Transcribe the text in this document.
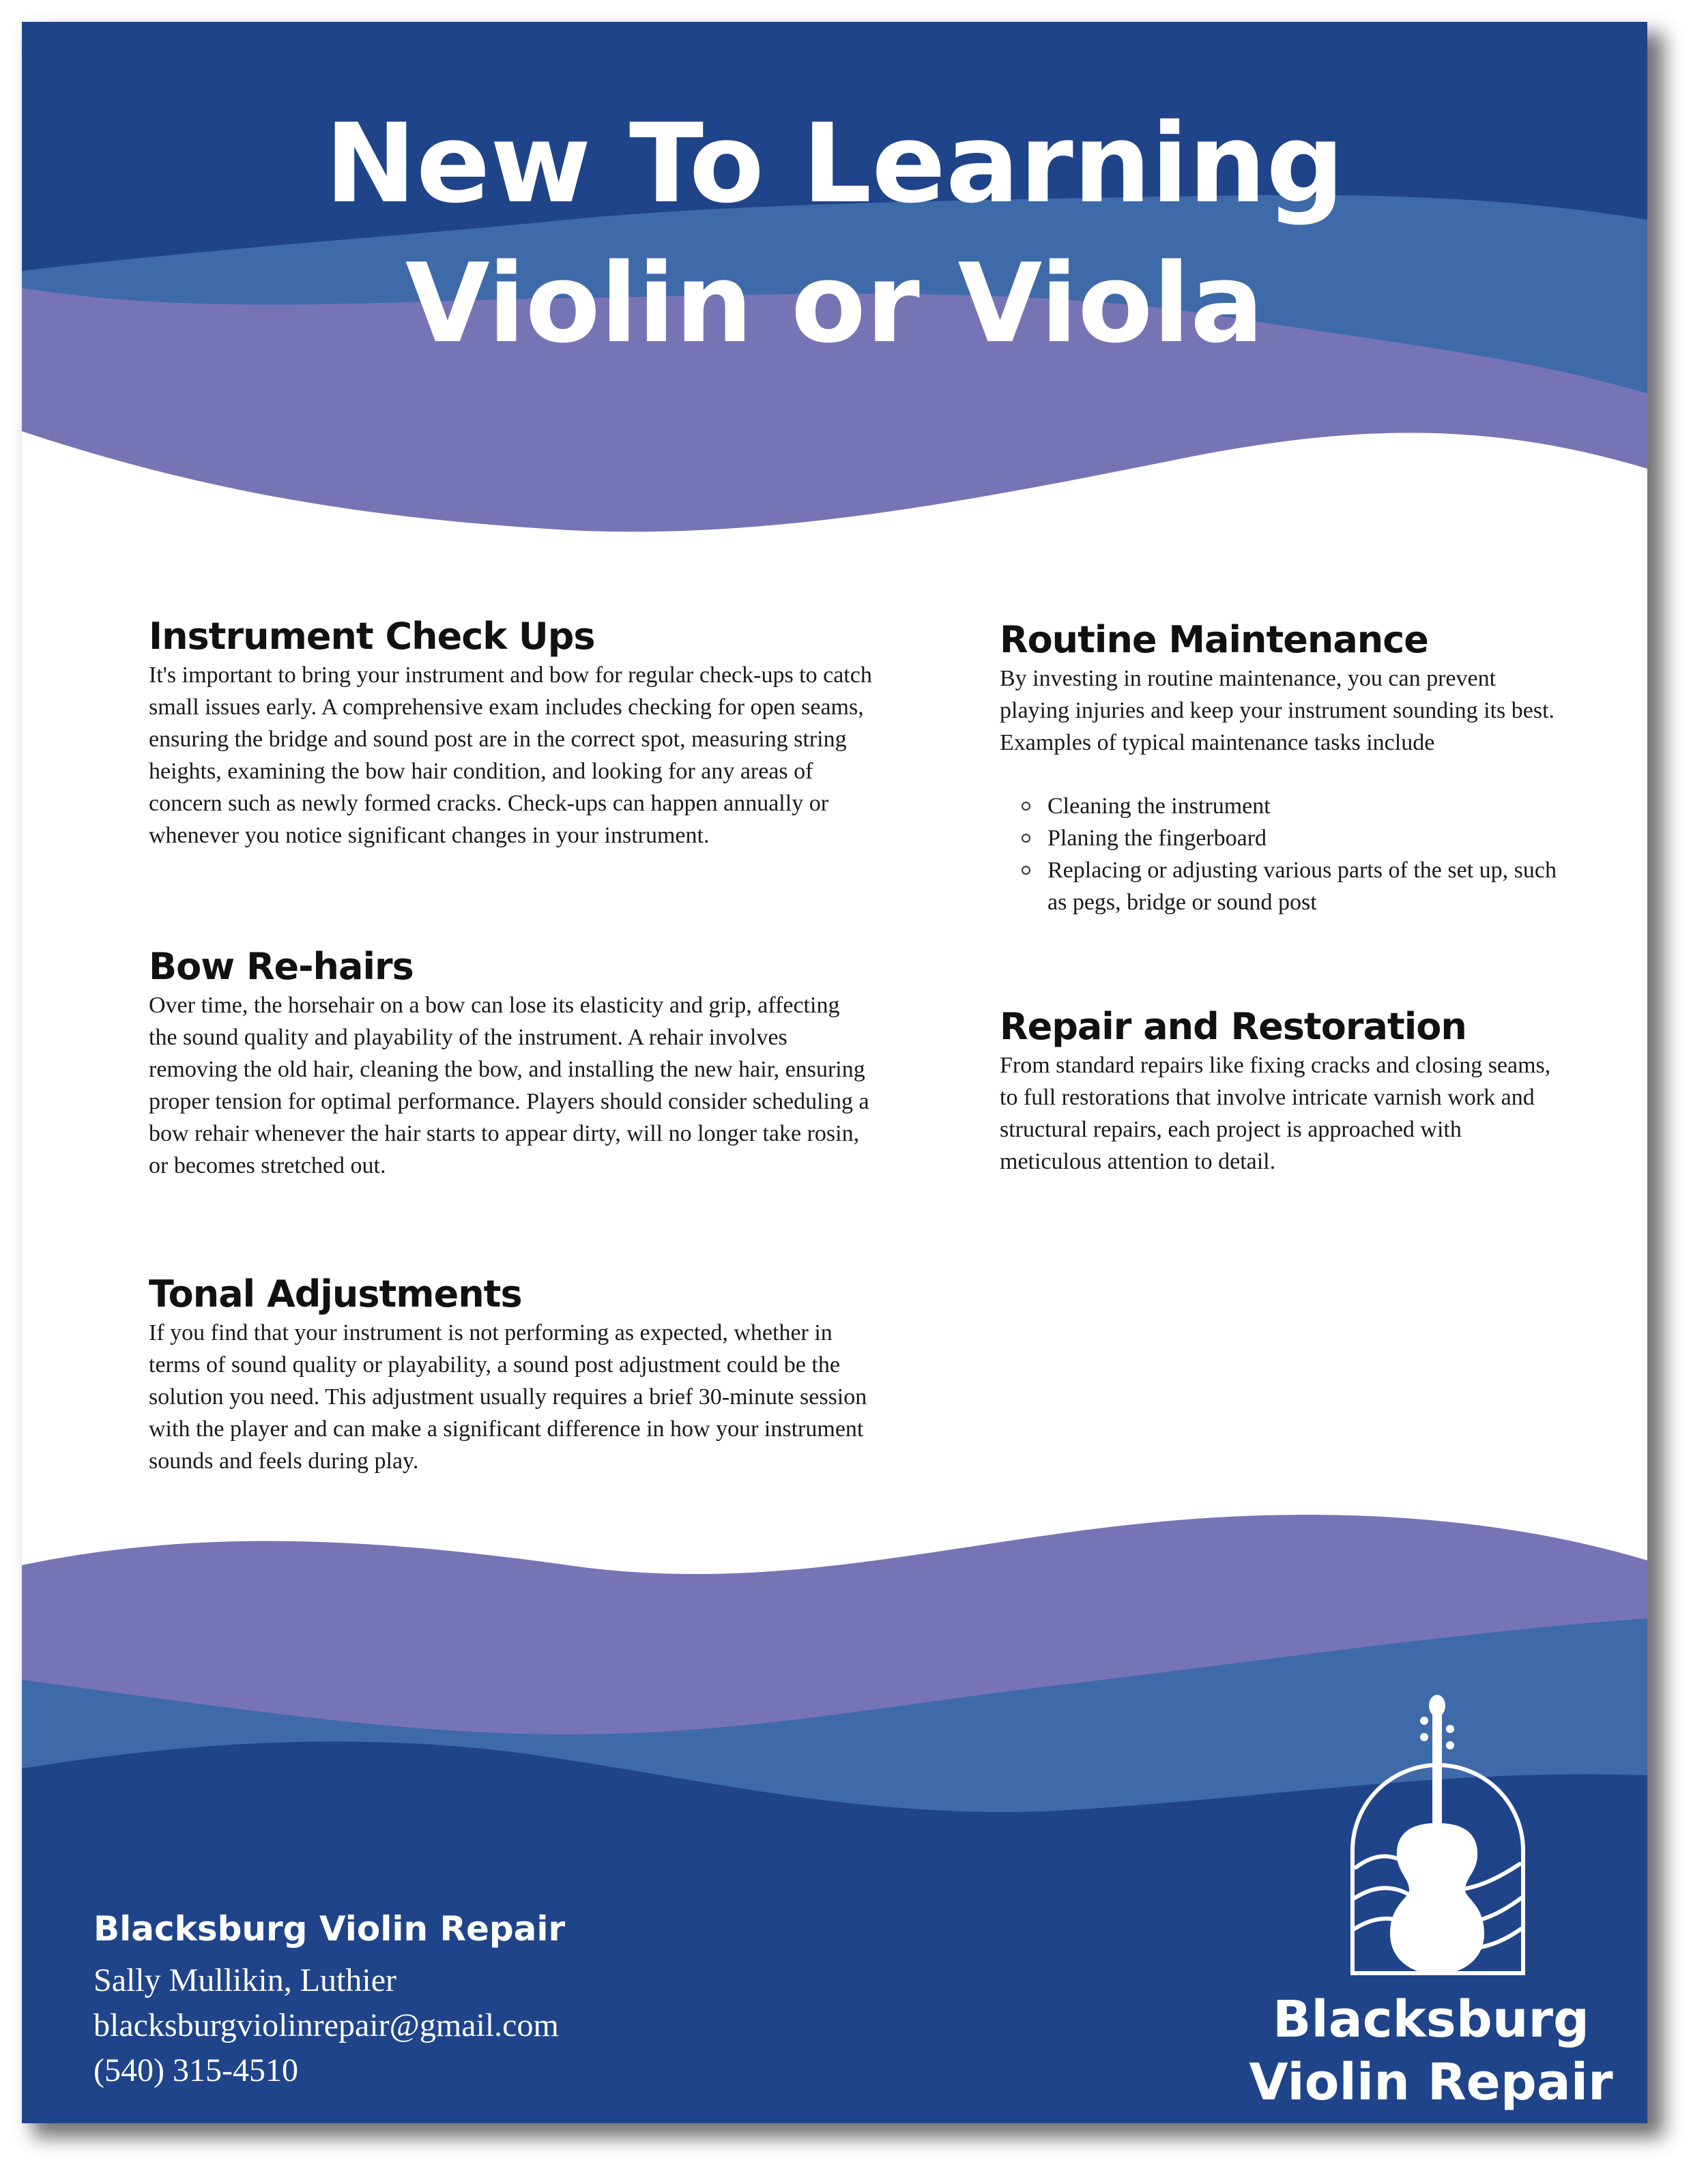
New To Learning
Violin or Viola
Instrument Check Ups

It's important to bring your instrument and bow for regular check-ups to catch small issues early. A comprehensive exam includes checking for open seams, ensuring the bridge and sound post are in the correct spot, measuring string heights, examining the bow hair condition, and looking for any areas of concern such as newly formed cracks. Check-ups can happen annually or whenever you notice significant changes in your instrument.

Bow Re-hairs

Over time, the horsehair on a bow can lose its elasticity and grip, affecting the sound quality and playability of the instrument. A rehair involves removing the old hair, cleaning the bow, and installing the new hair, ensuring proper tension for optimal performance. Players should consider scheduling a bow rehair whenever the hair starts to appear dirty, will no longer take rosin, or becomes stretched out.

Tonal Adjustments

If you find that your instrument is not performing as expected, whether in terms of sound quality or playability, a sound post adjustment could be the solution you need. This adjustment usually requires a brief 30-minute session with the player and can make a significant difference in how your instrument sounds and feels during play.

Routine Maintenance

By investing in routine maintenance, you can prevent playing injuries and keep your instrument sounding its best. Examples of typical maintenance tasks include

Cleaning the instrument
Planing the fingerboard
Replacing or adjusting various parts of the set up, such as pegs, bridge or sound post
Repair and Restoration

From standard repairs like fixing cracks and closing seams, to full restorations that involve intricate varnish work and structural repairs, each project is approached with meticulous attention to detail.

Blacksburg Violin Repair
Sally Mullikin, Luthier
blacksburgviolinrepair@gmail.com
(540) 315-4510
Blacksburg
Violin Repair
